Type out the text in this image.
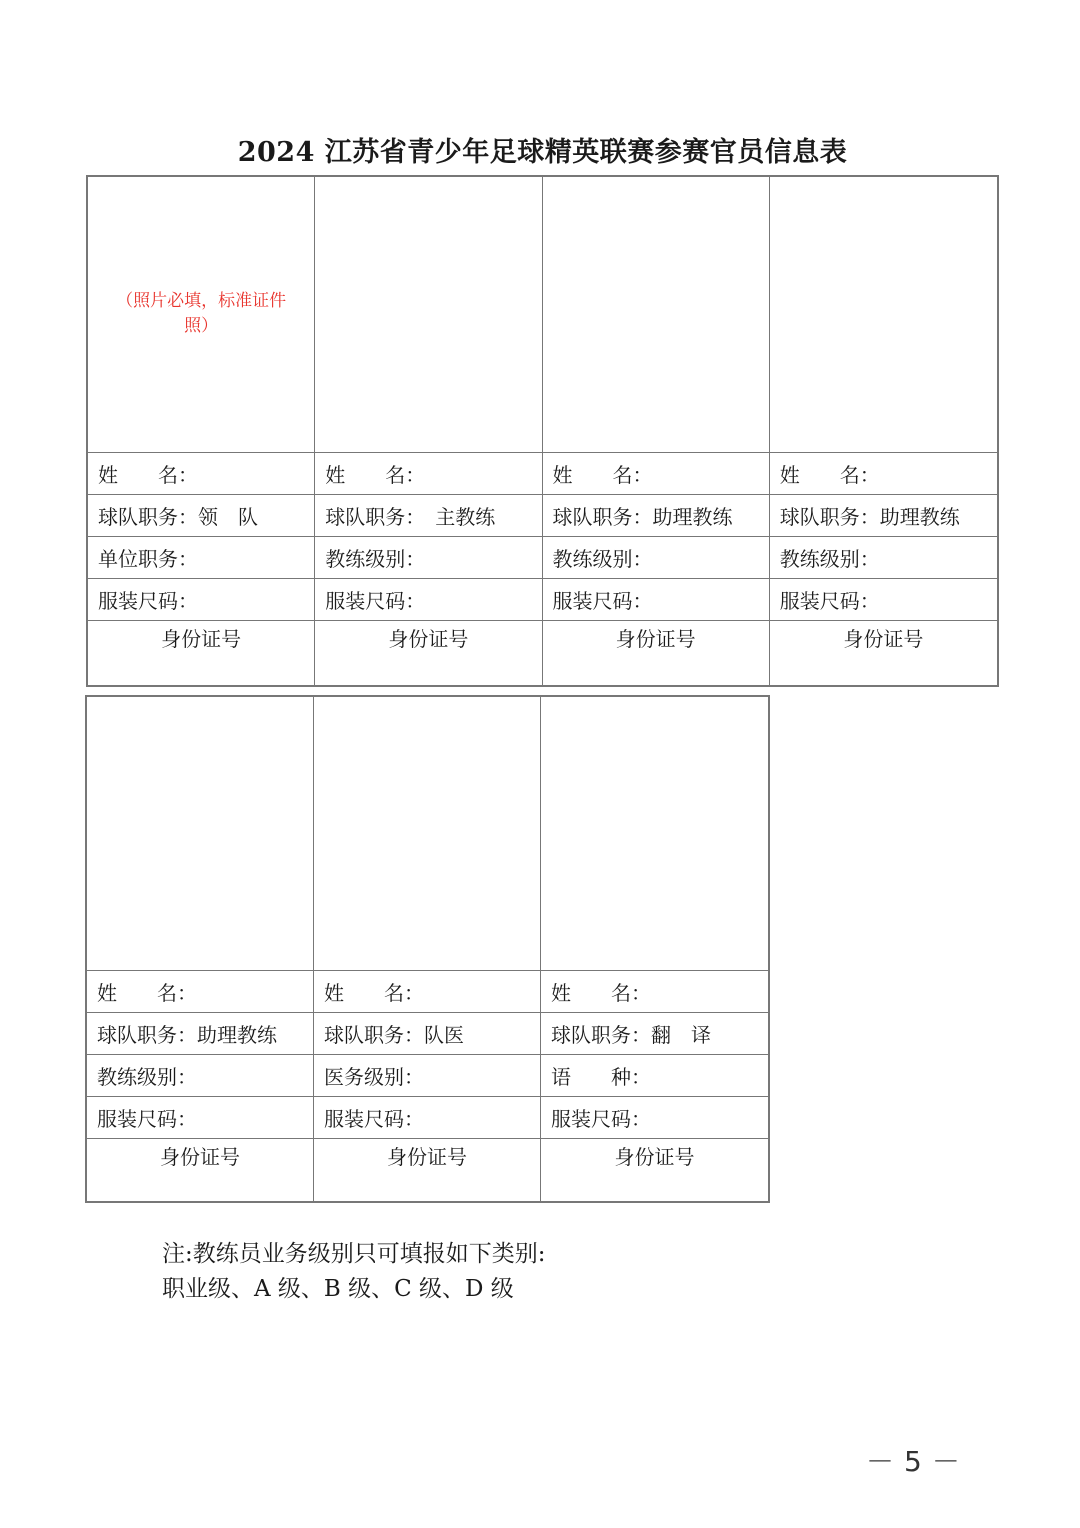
2024 江苏省青少年足球精英联赛参赛官员信息表
（照片必填，标准证件照）
姓　　名：
球队职务：领　队
单位职务：
服装尺码：
身份证号
姓　　名：
球队职务：　主教练
教练级别：
服装尺码：
身份证号
姓　　名：
球队职务：助理教练
教练级别：
服装尺码：
身份证号
姓　　名：
球队职务：助理教练
教练级别：
服装尺码：
身份证号
姓　　名：
球队职务：助理教练
教练级别：
服装尺码：
身份证号
姓　　名：
球队职务：队医
医务级别：
服装尺码：
身份证号
姓　　名：
球队职务：翻　译
语　　种：
服装尺码：
身份证号
注:教练员业务级别只可填报如下类别:
职业级、A 级、B 级、C 级、D 级
－5－
